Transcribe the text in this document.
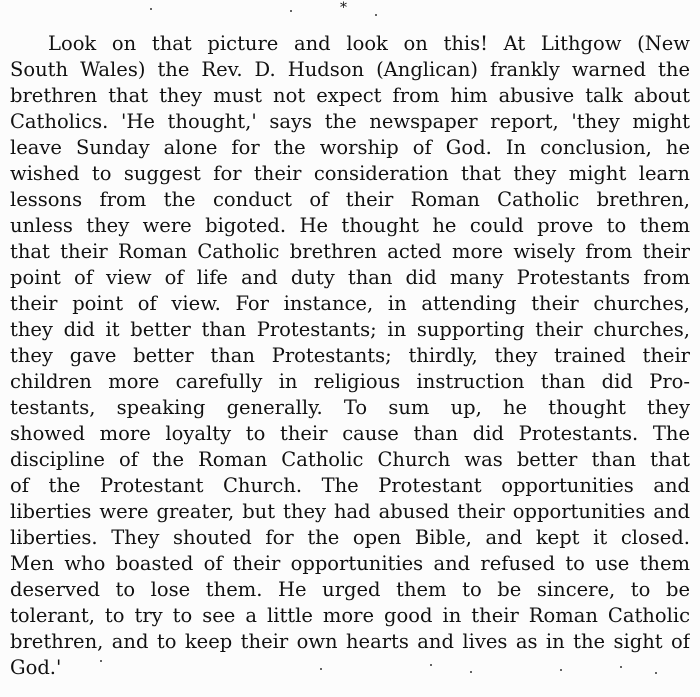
*
Look on that picture and look on this! At Lithgow (New
South Wales) the Rev. D. Hudson (Anglican) frankly warned the
brethren that they must not expect from him abusive talk about
Catholics. 'He thought,' says the newspaper report, 'they might
leave Sunday alone for the worship of God. In conclusion, he
wished to suggest for their consideration that they might learn
lessons from the conduct of their Roman Catholic brethren,
unless they were bigoted. He thought he could prove to them
that their Roman Catholic brethren acted more wisely from their
point of view of life and duty than did many Protestants from
their point of view. For instance, in attending their churches,
they did it better than Protestants; in supporting their churches,
they gave better than Protestants; thirdly, they trained their
children more carefully in religious instruction than did Pro-
testants, speaking generally. To sum up, he thought they
showed more loyalty to their cause than did Protestants. The
discipline of the Roman Catholic Church was better than that
of the Protestant Church. The Protestant opportunities and
liberties were greater, but they had abused their opportunities and
liberties. They shouted for the open Bible, and kept it closed.
Men who boasted of their opportunities and refused to use them
deserved to lose them. He urged them to be sincere, to be
tolerant, to try to see a little more good in their Roman Catholic
brethren, and to keep their own hearts and lives as in the sight of
God.'
